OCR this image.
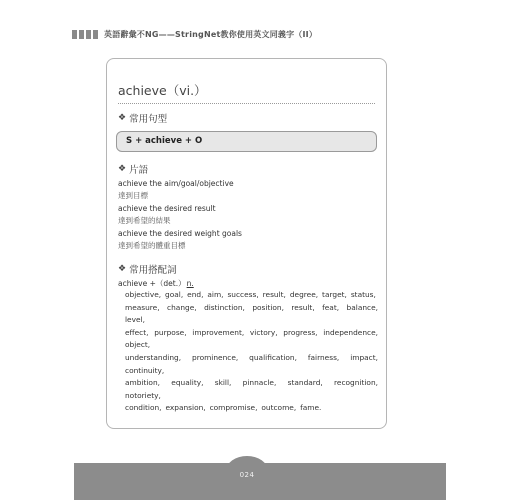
英語辭彙不NG——StringNet教你使用英文同義字（II）
achieve（vi.）
❖ 常用句型
S + achieve + O
❖ 片語
achieve the aim/goal/objective
達到目標
achieve the desired result
達到希望的結果
achieve the desired weight goals
達到希望的體重目標
❖ 常用搭配詞
achieve +（det.）n.
objective, goal, end, aim, success, result, degree, target, status,
measure, change, distinction, position, result, feat, balance, level,
effect, purpose, improvement, victory, progress, independence, object,
understanding, prominence, qualification, fairness, impact, continuity,
ambition, equality, skill, pinnacle, standard, recognition, notoriety,
condition, expansion, compromise, outcome, fame.
024
